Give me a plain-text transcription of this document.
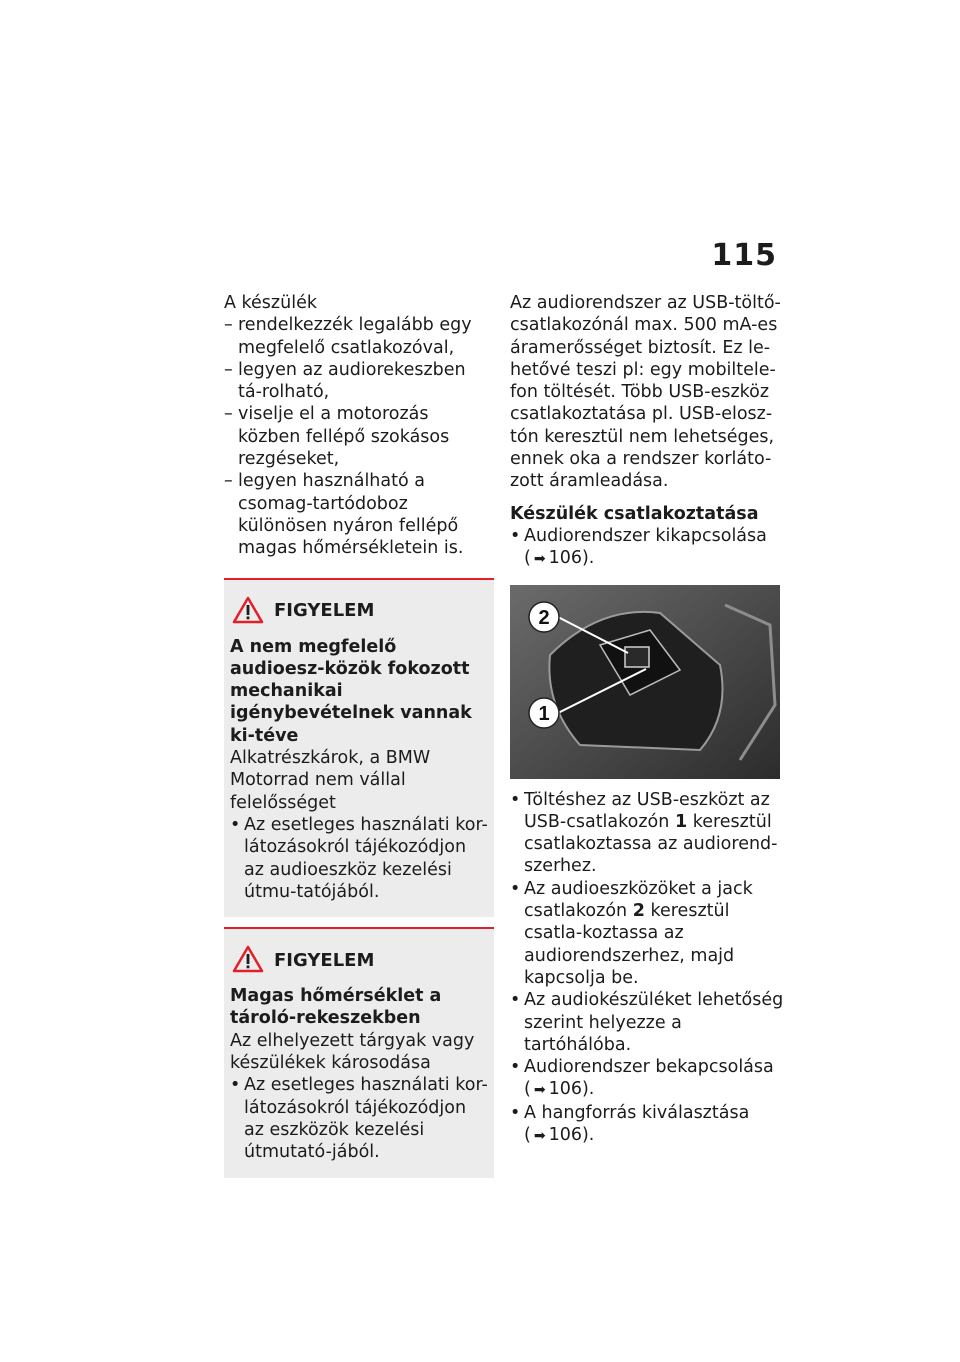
115

A készülék

– rendelkezzék legalább egy megfelelő csatlakozóval,
– legyen az audiorekeszben tá-rolható,
– viselje el a motorozás közben fellépő szokásos rezgéseket,
– legyen használható a csomag-tartódoboz különösen nyáron fellépő magas hőmérsékletein is.
FIGYELEM

A nem megfelelő audioesz-közök fokozott mechanikai igénybevételnek vannak ki-téve

Alkatrészkárok, a BMW Motorrad nem vállal felelősséget

• Az esetleges használati kor-látozásokról tájékozódjon az audioeszköz kezelési útmu-tatójából.
FIGYELEM

Magas hőmérséklet a tároló-rekeszekben

Az elhelyezett tárgyak vagy készülékek károsodása

• Az esetleges használati kor-látozásokról tájékozódjon az eszközök kezelési útmutató-jából.

Az audiorendszer az USB-töltő-csatlakozónál max. 500 mA-es áramerősséget biztosít. Ez le-hetővé teszi pl: egy mobiltele-fon töltését. Több USB-eszköz csatlakoztatása pl. USB-elosz-tón keresztül nem lehetséges, ennek oka a rendszer korláto-zott áramleadása.

Készülék csatlakoztatása

• Audiorendszer kikapcsolása
( ➡ 106).
2
1
• Töltéshez az USB-eszközt az USB-csatlakozón 1 keresztül csatlakoztassa az audiorend-szerhez.
• Az audioeszközöket a jack csatlakozón 2 keresztül csatla-koztassa az audiorendszerhez, majd kapcsolja be.
• Az audiokészüléket lehetőség szerint helyezze a tartóhálóba.
• Audiorendszer bekapcsolása
( ➡ 106).
• A hangforrás kiválasztása
( ➡ 106).
